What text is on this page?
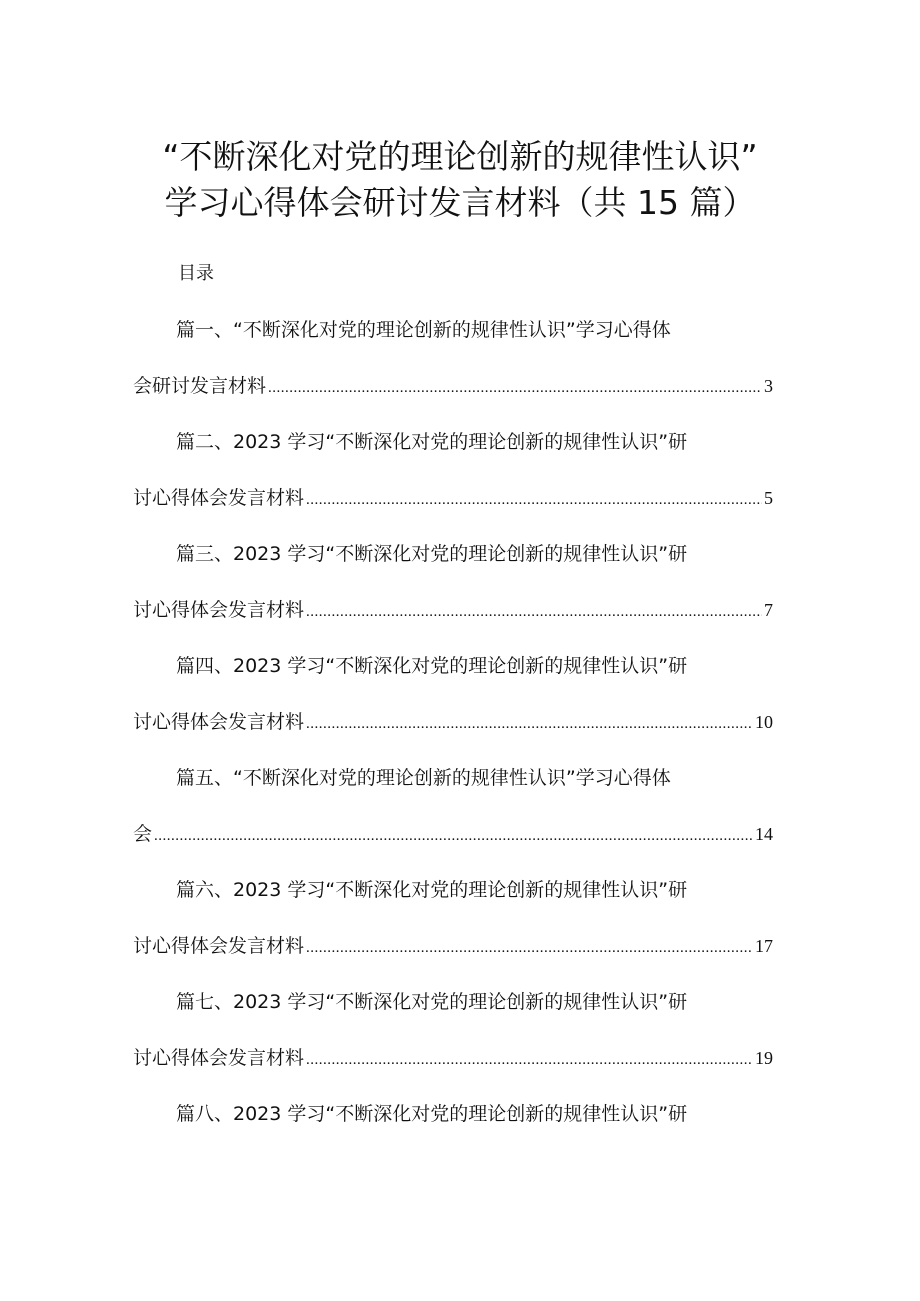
“不断深化对党的理论创新的规律性认识”
学习心得体会研讨发言材料（共 15 篇）
目录
篇一、“不断深化对党的理论创新的规律性认识”学习心得体
会研讨发言材料 .....	3
篇二、2023 学习“不断深化对党的理论创新的规律性认识”研
讨心得体会发言材料 .....	5
篇三、2023 学习“不断深化对党的理论创新的规律性认识”研
讨心得体会发言材料 .....	7
篇四、2023 学习“不断深化对党的理论创新的规律性认识”研
讨心得体会发言材料 .....	10
篇五、“不断深化对党的理论创新的规律性认识”学习心得体
会 .....	14
篇六、2023 学习“不断深化对党的理论创新的规律性认识”研
讨心得体会发言材料 .....	17
篇七、2023 学习“不断深化对党的理论创新的规律性认识”研
讨心得体会发言材料 .....	19
篇八、2023 学习“不断深化对党的理论创新的规律性认识”研
